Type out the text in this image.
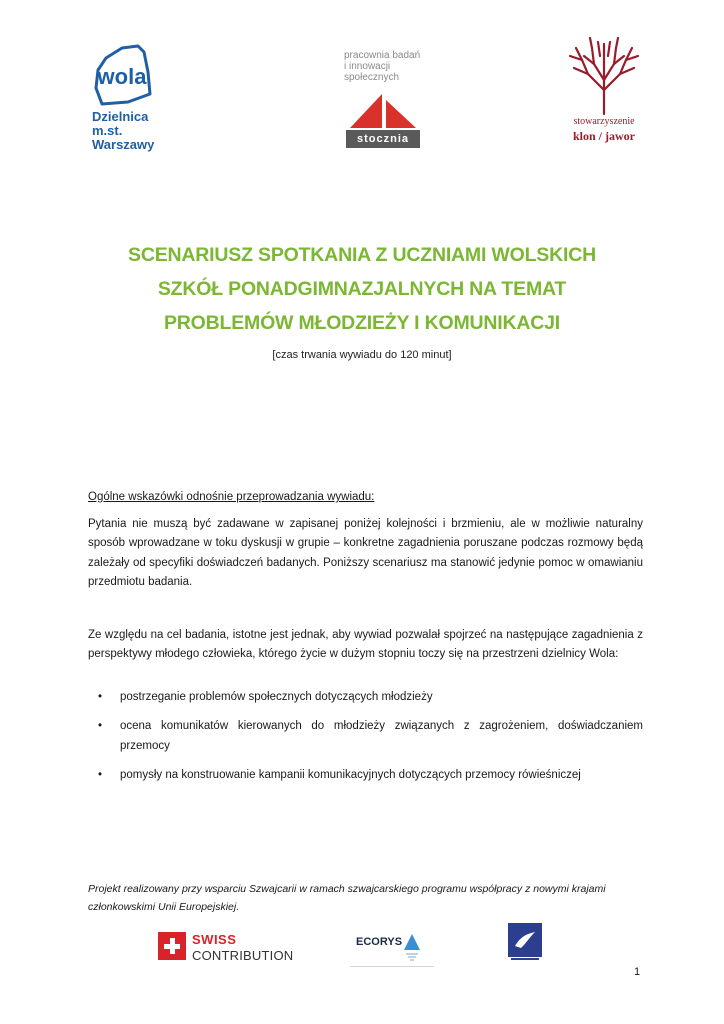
wola
Dzielnica
m.st.
Warszawy
pracownia badań
i innowacji
społecznych
stocznia
stowarzyszenie
klon / jawor
SCENARIUSZ SPOTKANIA Z UCZNIAMI WOLSKICH
SZKÓŁ PONADGIMNAZJALNYCH NA TEMAT
PROBLEMÓW MŁODZIEŻY I KOMUNIKACJI
[czas trwania wywiadu do 120 minut]
Ogólne wskazówki odnośnie przeprowadzania wywiadu:
Pytania nie muszą być zadawane w zapisanej poniżej kolejności i brzmieniu, ale w możliwie naturalny sposób wprowadzane w toku dyskusji w grupie – konkretne zagadnienia poruszane podczas rozmowy będą zależały od specyfiki doświadczeń badanych. Poniższy scenariusz ma stanowić jedynie pomoc w omawianiu przedmiotu badania.
Ze względu na cel badania, istotne jest jednak, aby wywiad pozwalał spojrzeć na następujące zagadnienia z perspektywy młodego człowieka, którego życie w dużym stopniu toczy się na przestrzeni dzielnicy Wola:
• postrzeganie problemów społecznych dotyczących młodzieży
• ocena komunikatów kierowanych do młodzieży związanych z zagrożeniem, doświadczaniem przemocy
• pomysły na konstruowanie kampanii komunikacyjnych dotyczących przemocy rówieśniczej
Projekt realizowany przy wsparciu Szwajcarii w ramach szwajcarskiego programu współpracy z nowymi krajami członkowskimi Unii Europejskiej.
SWISS
CONTRIBUTION
ECORYS
1
